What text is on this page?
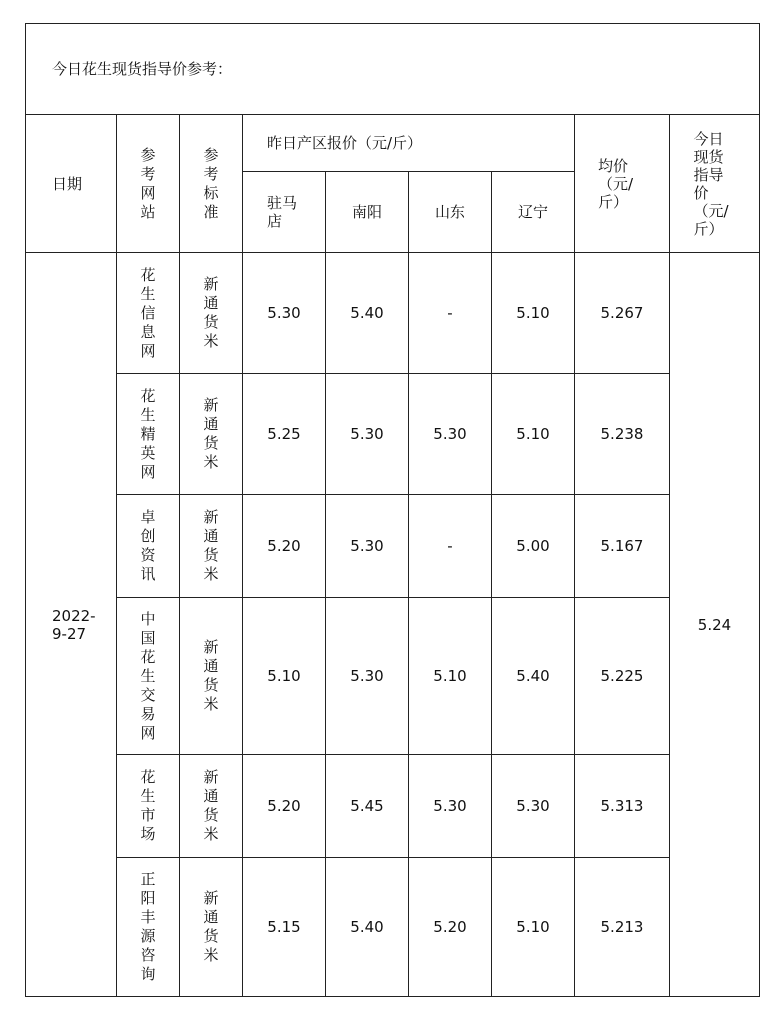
今日花生现货指导价参考：								
日期	参考网站	参考标准	昨日产区报价（元/斤）				均价（元/斤）	今日现货指导价（元/斤）
			驻马店	南阳	山东	辽宁		
2022-9-27	花生信息网	新通货米	5.30	5.40	-	5.10	5.267	5.24

	花生精英网	新通货米	5.25	5.30	5.30	5.10	5.238	
	卓创资讯	新通货米	5.20	5.30	-	5.00	5.167	
	中国花生交易网	新通货米	5.10	5.30	5.10	5.40	5.225	
	花生市场	新通货米	5.20	5.45	5.30	5.30	5.313	
	正阳丰源咨询	新通货米	5.15	5.40	5.20	5.10	5.213	
